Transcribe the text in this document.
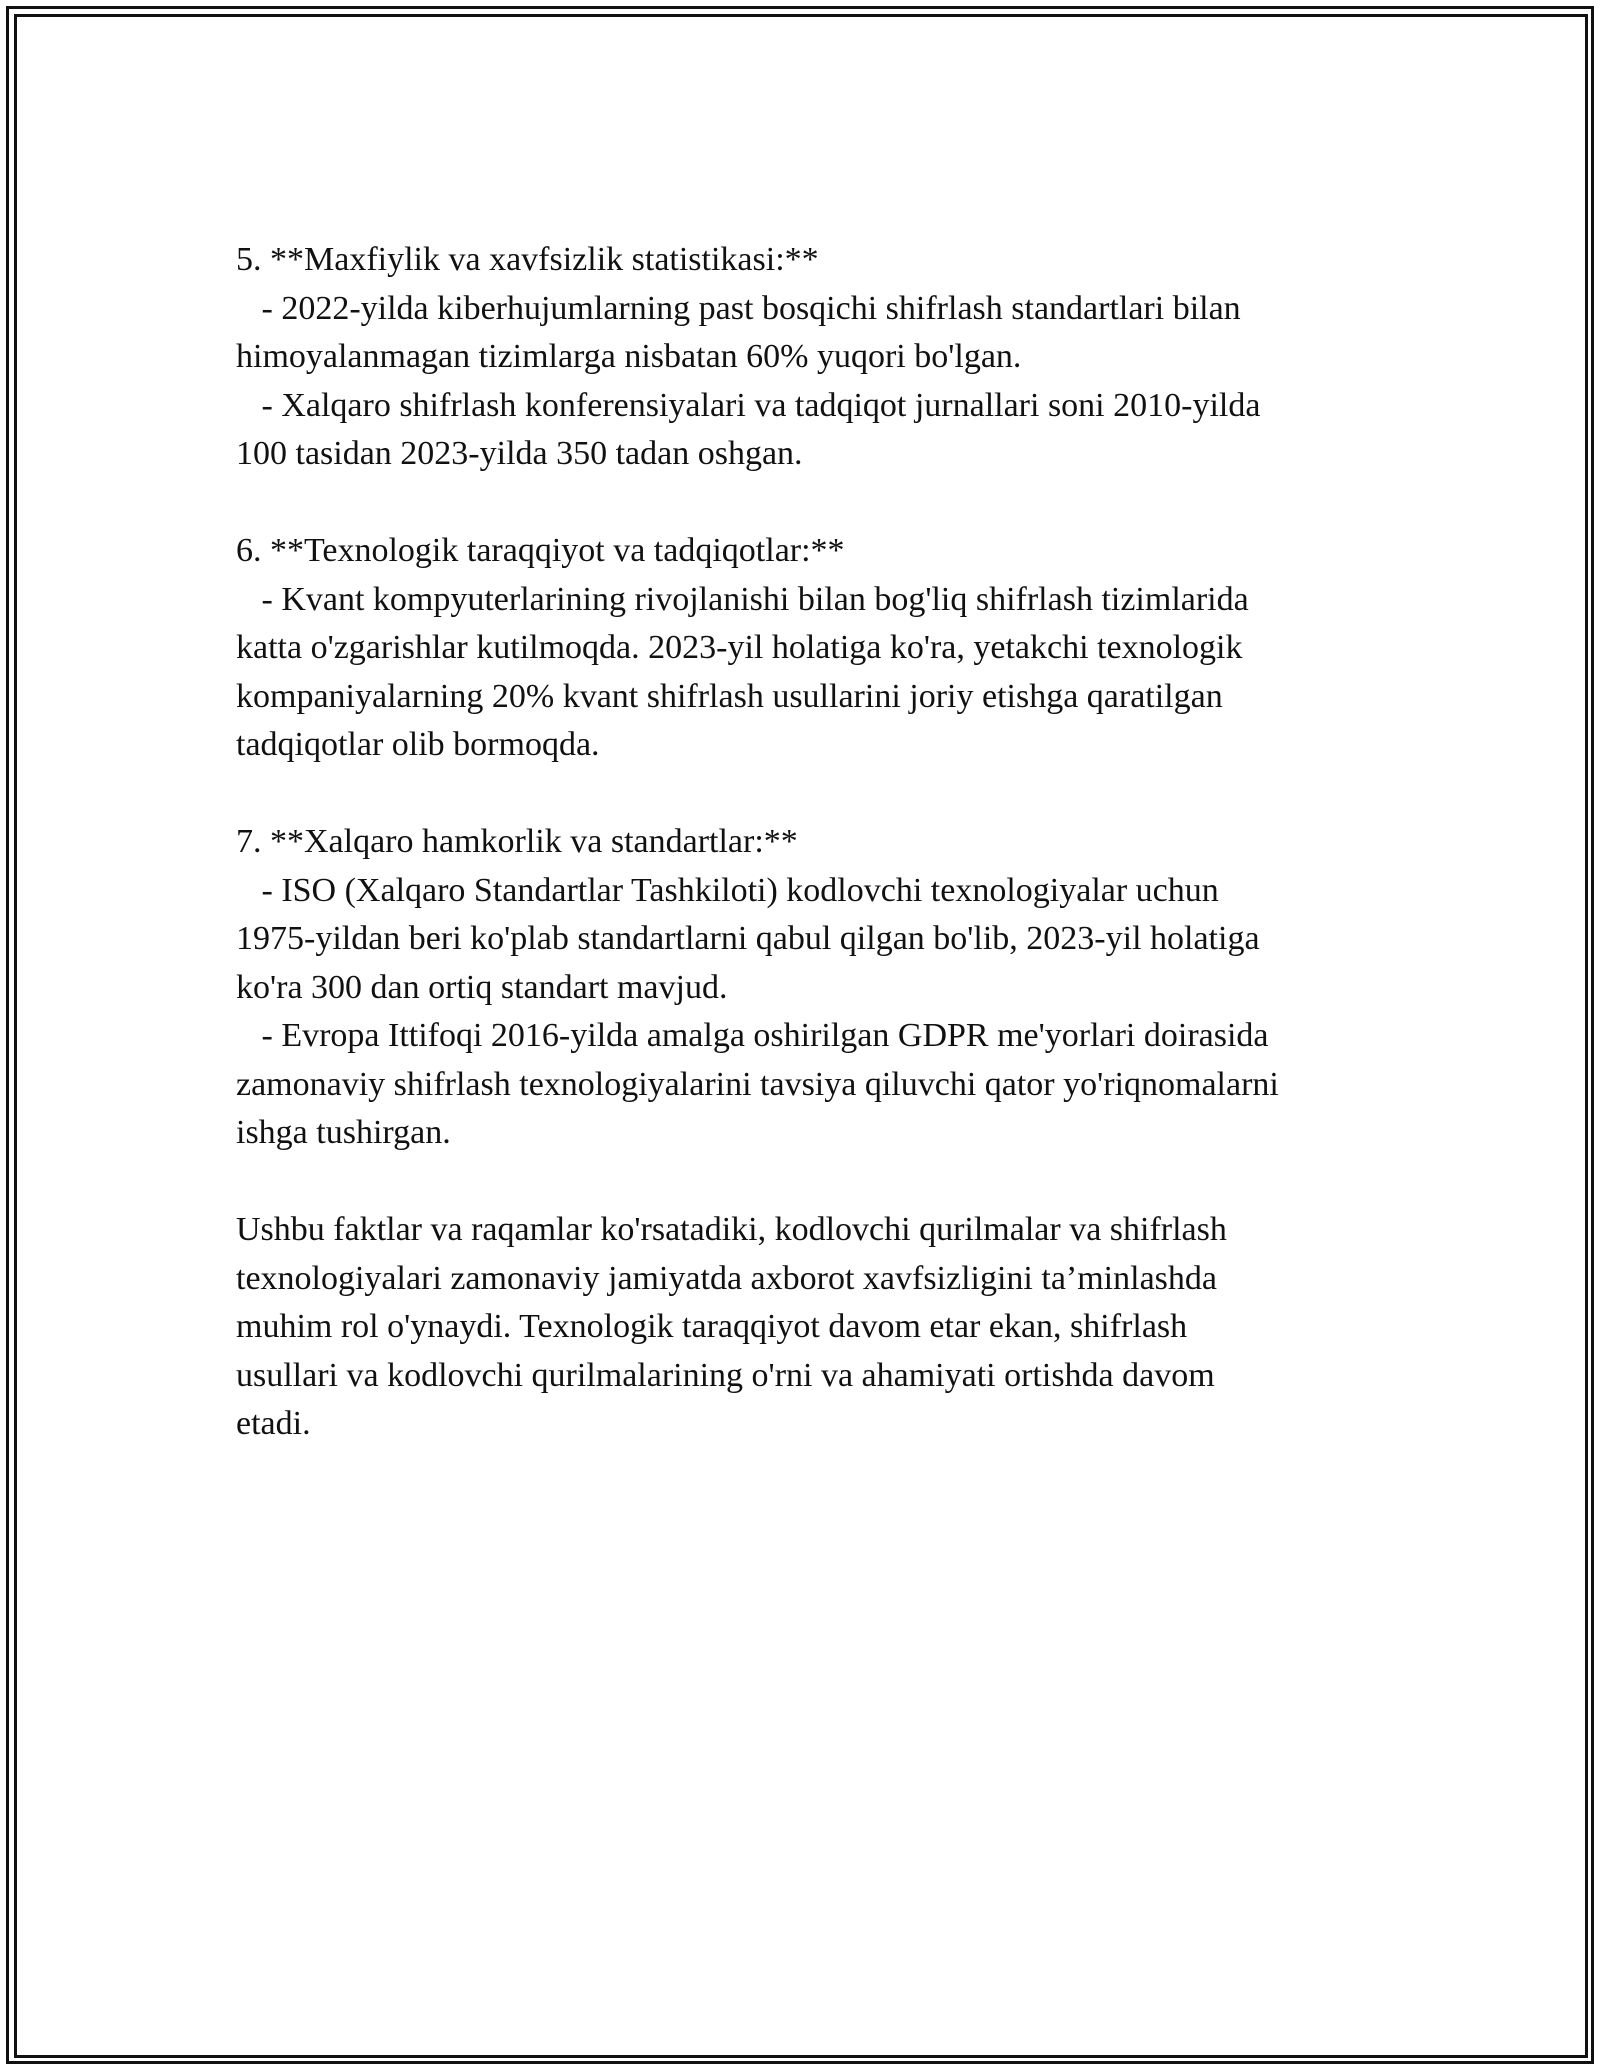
5. **Maxfiylik va xavfsizlik statistikasi:**
- 2022-yilda kiberhujumlarning past bosqichi shifrlash standartlari bilan
himoyalanmagan tizimlarga nisbatan 60% yuqori bo'lgan.
- Xalqaro shifrlash konferensiyalari va tadqiqot jurnallari soni 2010-yilda
100 tasidan 2023-yilda 350 tadan oshgan.
6. **Texnologik taraqqiyot va tadqiqotlar:**
- Kvant kompyuterlarining rivojlanishi bilan bog'liq shifrlash tizimlarida
katta o'zgarishlar kutilmoqda. 2023-yil holatiga ko'ra, yetakchi texnologik
kompaniyalarning 20% kvant shifrlash usullarini joriy etishga qaratilgan
tadqiqotlar olib bormoqda.
7. **Xalqaro hamkorlik va standartlar:**
- ISO (Xalqaro Standartlar Tashkiloti) kodlovchi texnologiyalar uchun
1975-yildan beri ko'plab standartlarni qabul qilgan bo'lib, 2023-yil holatiga
ko'ra 300 dan ortiq standart mavjud.
- Evropa Ittifoqi 2016-yilda amalga oshirilgan GDPR me'yorlari doirasida
zamonaviy shifrlash texnologiyalarini tavsiya qiluvchi qator yo'riqnomalarni
ishga tushirgan.
Ushbu faktlar va raqamlar ko'rsatadiki, kodlovchi qurilmalar va shifrlash
texnologiyalari zamonaviy jamiyatda axborot xavfsizligini ta’minlashda
muhim rol o'ynaydi. Texnologik taraqqiyot davom etar ekan, shifrlash
usullari va kodlovchi qurilmalarining o'rni va ahamiyati ortishda davom
etadi.
